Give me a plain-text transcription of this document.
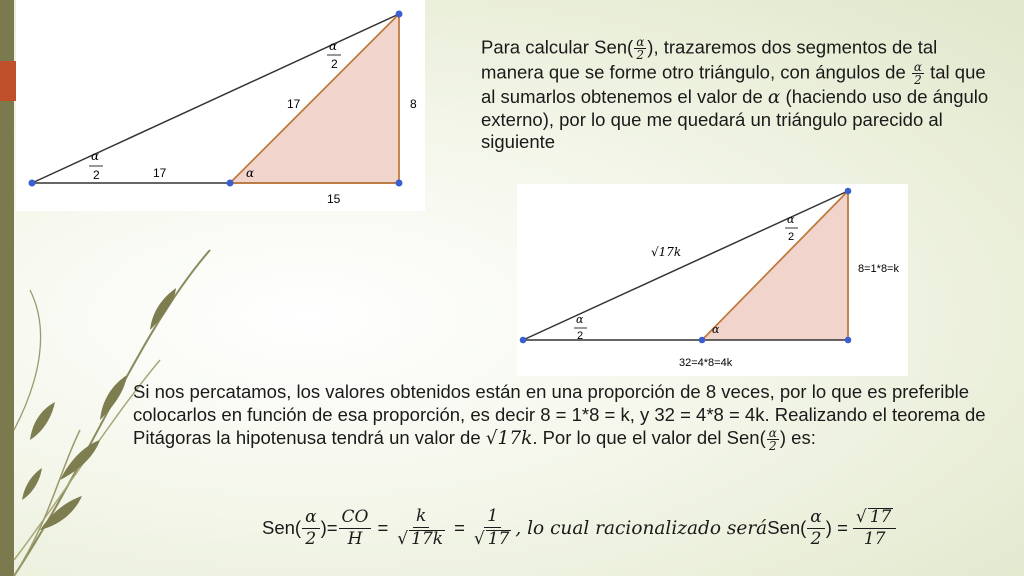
α
2
α
2
17	8
17	α
15
Para calcular $Sen( \frac{\alpha}{2}$ ), trazaremos dos segmentos de tal manera que se forme otro triángulo, con ángulos de $\frac{\alpha}{2}$ tal que al sumarlos obtenemos el valor de α (haciendo uso de ángulo externo), por lo que me quedará un triángulo parecido al siguiente
α
2
α
2
√17k
8=1*8=k
α
32=4*8=4k
Si nos percatamos, los valores obtenidos están en una proporción de 8 veces, por lo que es preferible colocarlos en función de esa proporción, es decir 8 = 1*8 = k, y 32 = 4*8 = 4k. Realizando el teorema de Pitágoras la hipotenusa tendrá un valor de √17k. Por lo que el valor del $Sen( \frac{\alpha}{2}$ ) es:
$Sen( \frac{\alpha}{2}$ )= $\frac{CO}{H} = \frac{k}{√ 17k} = \frac{1}{√ 17}$ , lo cual racionalizado será $Sen( \frac{\alpha}{2}$ ) = $\frac{√ 17}{17}$
